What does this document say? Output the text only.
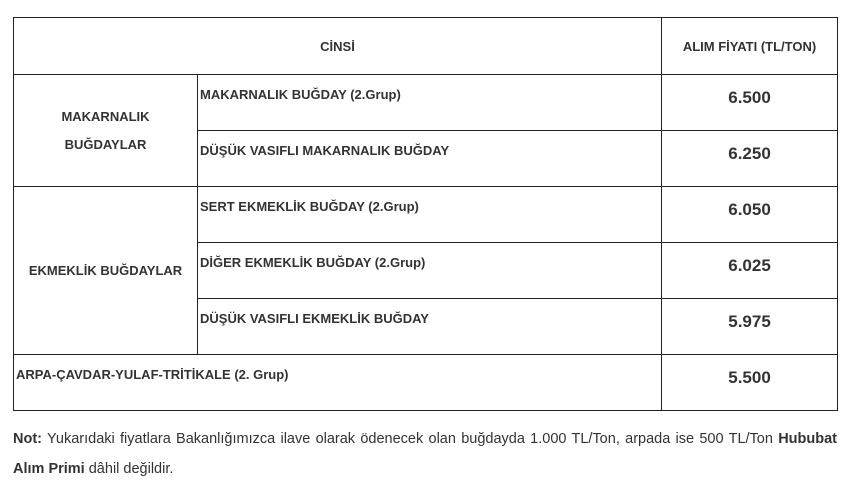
CİNSİ		ALIM FİYATI (TL/TON)
MAKARNALIK
BUĞDAYLAR	MAKARNALIK BUĞDAY (2.Grup)	6.500
	DÜŞÜK VASIFLI MAKARNALIK BUĞDAY	6.250
EKMEKLİK BUĞDAYLAR	SERT EKMEKLİK BUĞDAY (2.Grup)	6.050
	DİĞER EKMEKLİK BUĞDAY (2.Grup)	6.025
	DÜŞÜK VASIFLI EKMEKLİK BUĞDAY	5.975
ARPA-ÇAVDAR-YULAF-TRİTİKALE (2. Grup)		5.500
Not: Yukarıdaki fiyatlara Bakanlığımızca ilave olarak ödenecek olan buğdayda 1.000 TL/Ton, arpada ise 500 TL/Ton Hububat Alım Primi dâhil değildir.
